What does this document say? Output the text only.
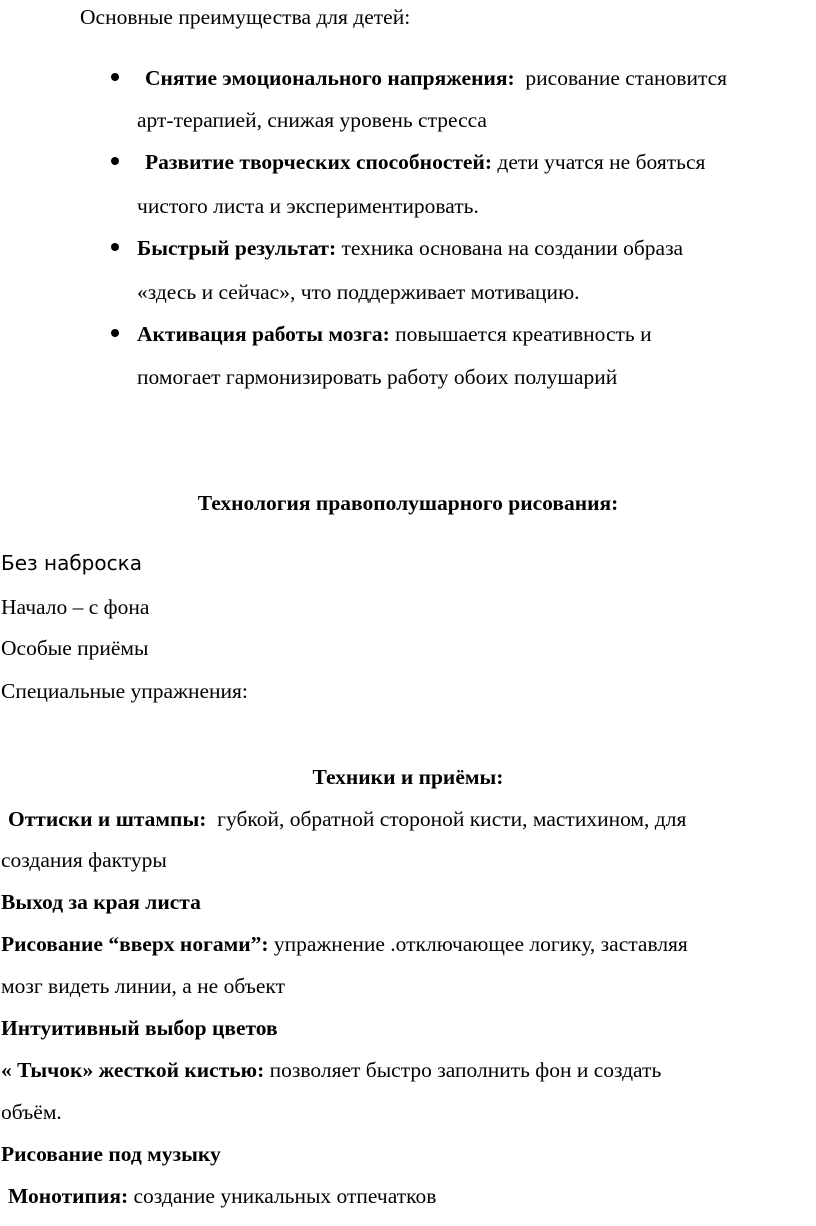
Основные преимущества для детей:
Снятие эмоционального напряжения: рисование становится
арт-терапией, снижая уровень стресса
Развитие творческих способностей: дети учатся не бояться
чистого листа и экспериментировать.
Быстрый результат: техника основана на создании образа
«здесь и сейчас», что поддерживает мотивацию.
Активация работы мозга: повышается креативность и
помогает гармонизировать работу обоих полушарий
Технология правополушарного рисования:
Без наброска
Начало – с фона
Особые приёмы
Специальные упражнения:
Техники и приёмы:
Оттиски и штампы: губкой, обратной стороной кисти, мастихином, для
создания фактуры
Выход за края листа
Рисование “вверх ногами”: упражнение .отключающее логику, заставляя
мозг видеть линии, а не объект
Интуитивный выбор цветов
« Тычок» жесткой кистью: позволяет быстро заполнить фон и создать
объём.
Рисование под музыку
Монотипия: создание уникальных отпечатков
